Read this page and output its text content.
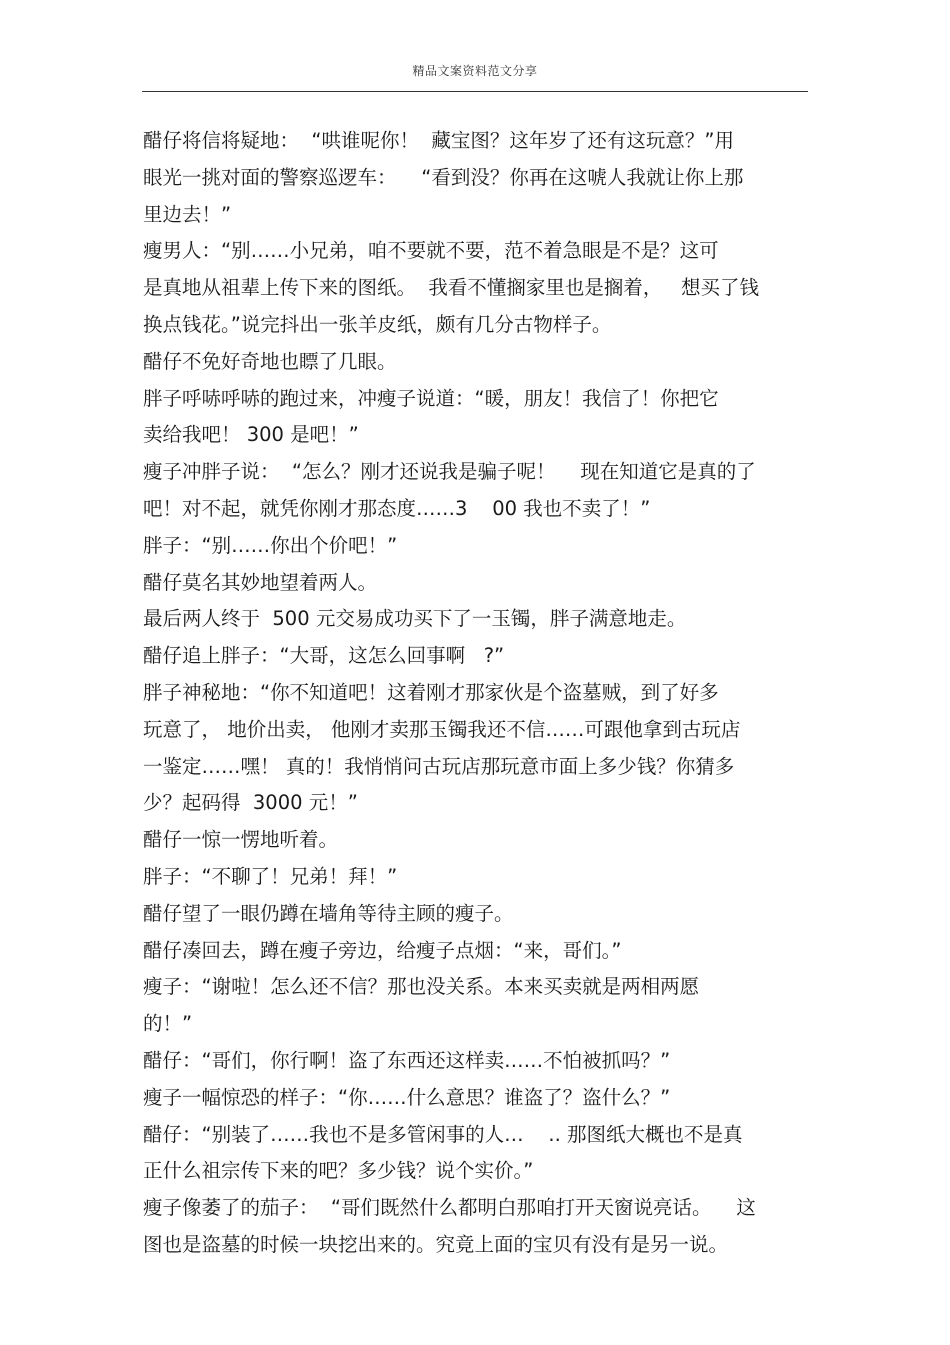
精品文案资料范文分享
醋仔将信将疑地：  “哄谁呢你！  藏宝图？这年岁了还有这玩意？”用
眼光一挑对面的警察巡逻车：    “看到没？你再在这唬人我就让你上那
里边去！”
瘦男人：“别……小兄弟，咱不要就不要，范不着急眼是不是？这可
是真地从祖辈上传下来的图纸。  我看不懂搁家里也是搁着，   想买了钱
换点钱花。”说完抖出一张羊皮纸，颇有几分古物样子。
醋仔不免好奇地也瞟了几眼。
胖子呼哧呼哧的跑过来，冲瘦子说道：“暖，朋友！我信了！你把它
卖给我吧！ 300 是吧！”
瘦子冲胖子说：  “怎么？刚才还说我是骗子呢！    现在知道它是真的了
吧！对不起，就凭你刚才那态度……3    00 我也不卖了！”
胖子：“别……你出个价吧！”
醋仔莫名其妙地望着两人。
最后两人终于  500 元交易成功买下了一玉镯，胖子满意地走。
醋仔追上胖子：“大哥，这怎么回事啊   ?”
胖子神秘地：“你不知道吧！这着刚才那家伙是个盗墓贼，到了好多
玩意了， 地价出卖， 他刚才卖那玉镯我还不信……可跟他拿到古玩店
一鉴定……嘿！ 真的！我悄悄问古玩店那玩意市面上多少钱？你猜多
少？起码得  3000 元！”
醋仔一惊一愣地听着。
胖子：“不聊了！兄弟！拜！”
醋仔望了一眼仍蹲在墙角等待主顾的瘦子。
醋仔凑回去，蹲在瘦子旁边，给瘦子点烟：“来，哥们。”
瘦子：“谢啦！怎么还不信？那也没关系。本来买卖就是两相两愿
的！”
醋仔：“哥们，你行啊！盗了东西还这样卖……不怕被抓吗？”
瘦子一幅惊恐的样子：“你……什么意思？谁盗了？盗什么？”
醋仔：“别装了……我也不是多管闲事的人…    .. 那图纸大概也不是真
正什么祖宗传下来的吧？多少钱？说个实价。”
瘦子像萎了的茄子：  “哥们既然什么都明白那咱打开天窗说亮话。    这
图也是盗墓的时候一块挖出来的。究竟上面的宝贝有没有是另一说。
